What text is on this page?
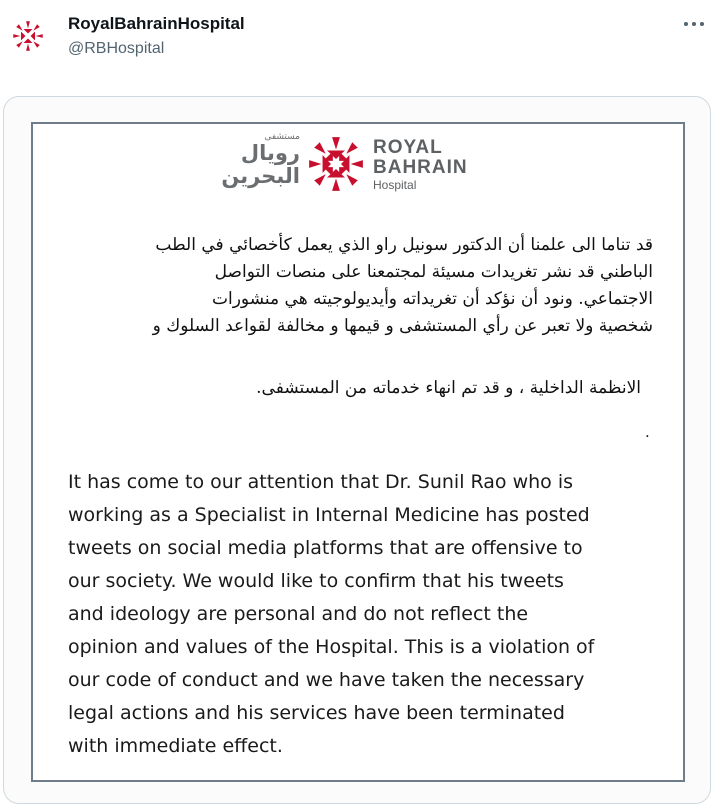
RoyalBahrainHospital
@RBHospital
مستشفى
رويال
البحرين
ROYAL
BAHRAIN
Hospital
قد تناما الى علمنا أن الدكتور سونيل راو الذي يعمل كأخصائي في الطب
الباطني قد نشر تغريدات مسيئة لمجتمعنا على منصات التواصل
الاجتماعي. ونود أن نؤكد أن تغريداته وأيديولوجيته هي منشورات
شخصية ولا تعبر عن رأي المستشفى و قيمها و مخالفة لقواعد السلوك و
الانظمة الداخلية ، و قد تم انهاء خدماته من المستشفى.
.
It has come to our attention that Dr. Sunil Rao who is
working as a Specialist in Internal Medicine has posted
tweets on social media platforms that are offensive to
our society. We would like to confirm that his tweets
and ideology are personal and do not reflect the
opinion and values of the Hospital. This is a violation of
our code of conduct and we have taken the necessary
legal actions and his services have been terminated
with immediate effect.
